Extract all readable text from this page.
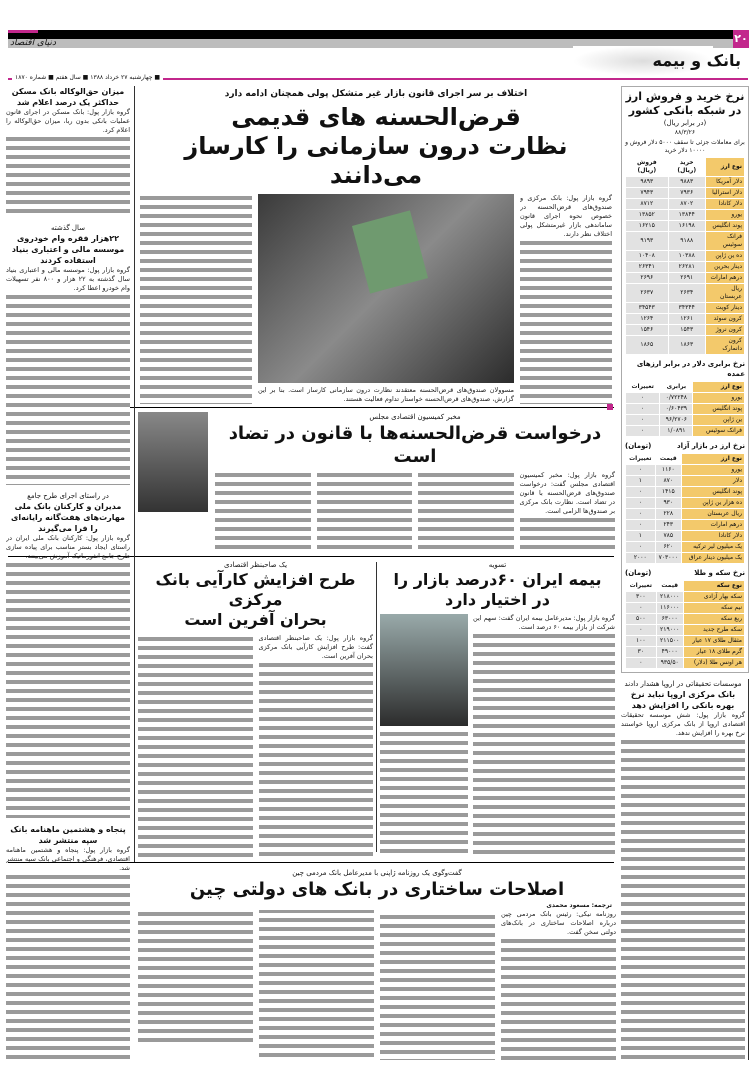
۲۰
دنیای اقتصاد
بانک و بیمه
■ چهارشنبه ۲۷ خرداد ۱۳۸۸ ■ سال هفتم ■ شماره ۱۸۷۰
نرخ خرید و فروش ارز در شبکه بانکی کشور
(در برابر ریال)
۸۸/۳/۲۶
برای معاملات جزئی تا سقف ۵۰۰۰ دلار فروش و ۱۰۰۰۰ دلار خرید
نوع ارز	خرید (ریال)	فروش (ریال)
دلار آمریکا	۹۸۸۳	۹۸۹۳
دلار استرالیا	۷۹۳۶	۷۹۴۳
دلار کانادا	۸۷۰۲	۸۷۱۲
یورو	۱۳۸۴۴	۱۳۸۵۲
پوند انگلیس	۱۶۱۹۸	۱۶۲۱۵
فرانک سوئیس	۹۱۸۸	۹۱۹۳
ده ین ژاپن	۱۰۳۸۸	۱۰۴۰۸
دینار بحرین	۲۶۲۸۱	۲۶۳۴۱
درهم امارات	۲۶۹۱	۲۶۹۶
ریال عربستان	۲۶۳۴	۲۶۳۷
دینار کویت	۳۴۳۴۴	۳۴۵۴۳
کرون سوئد	۱۲۶۱	۱۲۶۴
کرون نروژ	۱۵۴۳	۱۵۴۶
کرون دانمارک	۱۸۶۳	۱۸۶۵
نرخ برابری دلار در برابر ارزهای عمده
نوع ارز	برابری	تغییرات
یورو	۰/۷۲۲۴۸	۰
پوند انگلیس	۰/۶۰۴۳۹	۰
ین ژاپن	۹۶/۲۷۰۶	۰
فرانک سوئیس	۱/۰۸۹۱	۰
نرخ ارز در بازار آزاد
(تومان)
نوع ارز	قیمت	تغییرات
یورو	۱۱۶۰	۰
دلار	۸۷۰	۱
پوند انگلیس	۱۴۱۵	۰
ده هزار ین ژاپن	۹۳۰	۰
ریال عربستان	۲۲۸	۰
درهم امارات	۲۴۳	۰
دلار کانادا	۷۸۵	۱
یک میلیون لیر ترکیه	۶۲۰	۰
یک میلیون دینار عراق	۷۰۳۰۰۰	۲۰۰۰
نرخ سکه و طلا
(تومان)
نوع سکه	قیمت	تغییرات
سکه بهار آزادی	۲۱۸۰۰۰	۳۰۰
نیم سکه	۱۱۶۰۰۰	۰
ربع سکه	۶۳۰۰۰	۵۰۰
سکه طرح جدید	۲۱۹۰۰۰	۰
مثقال طلای ۱۷ عیار	۲۱۱۵۰۰	۱۰۰
گرم طلای ۱۸ عیار	۴۹۰۰۰	۳۰
هر اونس طلا (دلار)	۹۳۵/۵۰	۰
موسسات تحقیقاتی در اروپا هشدار دادند
بانک مرکزی اروپا نباید نرخ بهره بانکی را افزایش دهد
گروه بازار پول: شش موسسه تحقیقات اقتصادی اروپا از بانک مرکزی اروپا خواستند نرخ بهره را افزایش ندهد.
اختلاف بر سر اجرای قانون بازار غیر متشکل پولی همچنان ادامه دارد
قرض‌الحسنه های قدیمی
نظارت درون سازمانی را کارساز می‌دانند
گروه بازار پول: بانک مرکزی و صندوق‌های قرض‌الحسنه در خصوص نحوه اجرای قانون ساماندهی بازار غیرمتشکل پولی اختلاف نظر دارند.
مسوولان صندوق‌های قرض‌الحسنه معتقدند نظارت درون سازمانی کارساز است. بنا بر این گزارش، صندوق‌های قرض‌الحسنه خواستار تداوم فعالیت هستند.
مخبر کمیسیون اقتصادی مجلس
درخواست قرض‌الحسنه‌ها با قانون در تضاد است
گروه بازار پول: مخبر کمیسیون اقتصادی مجلس گفت: درخواست صندوق‌های قرض‌الحسنه با قانون در تضاد است. نظارت بانک مرکزی بر صندوق‌ها الزامی است.
تسویه
بیمه ایران ۶۰درصد بازار را
در اختیار دارد
گروه بازار پول: مدیرعامل بیمه ایران گفت: سهم این شرکت از بازار بیمه ۶۰ درصد است.
یک صاحبنظر اقتصادی
طرح افزایش کارآیی بانک مرکزی
بحران آفرین است
گروه بازار پول: یک صاحبنظر اقتصادی گفت: طرح افزایش کارآیی بانک مرکزی بحران آفرین است.
گفت‌وگوی یک روزنامه ژاپنی با مدیرعامل بانک مردمی چین
اصلاحات ساختاری در بانک های دولتی چین
ترجمه: مسعود محمدی
روزنامه نیکی: رئیس بانک مردمی چین درباره اصلاحات ساختاری در بانک‌های دولتی سخن گفت.
میزان حق‌الوکاله بانک مسکن حداکثر یک درصد اعلام شد
گروه بازار پول: بانک مسکن در اجرای قانون عملیات بانکی بدون ربا، میزان حق‌الوکاله را اعلام کرد.
سال گذشته
۲۲هزار فقره وام خودروی موسسه مالی و اعتباری بنیاد استفاده کردند
گروه بازار پول: موسسه مالی و اعتباری بنیاد سال گذشته به ۲۲ هزار و ۸۰۰ نفر تسهیلات وام خودرو اعطا کرد.
در راستای اجرای طرح جامع
مدیران و کارکنان بانک ملی مهارت‌های هفت‌گانه رایانه‌ای را فرا می‌گیرند
گروه بازار پول: کارکنان بانک ملی ایران در راستای ایجاد بستر مناسب برای پیاده سازی طرح جامع انفورماتیک آموزش می‌بینند.
پنجاه و هشتمین ماهنامه بانک سپه منتشر شد
گروه بازار پول: پنجاه و هشتمین ماهنامه اقتصادی، فرهنگی و اجتماعی بانک سپه منتشر شد.
